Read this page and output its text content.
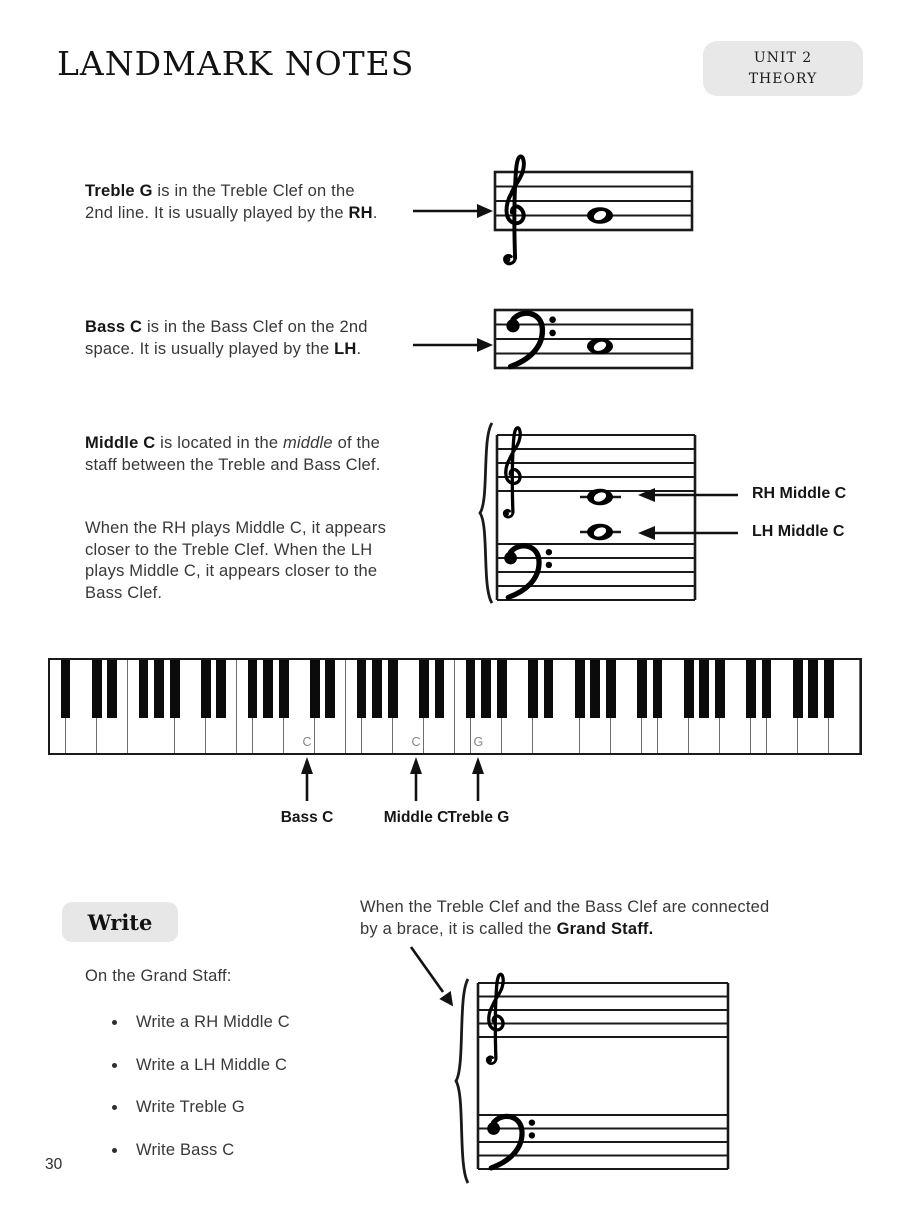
LANDMARK NOTES	UNIT 2
THEORY
Treble G is in the Treble Clef on the
2nd line. It is usually played by the RH.
Bass C is in the Bass Clef on the 2nd
space. It is usually played by the LH.
Middle C is located in the middle of the
staff between the Treble and Bass Clef.
When the RH plays Middle C, it appears
closer to the Treble Clef. When the LH
plays Middle C, it appears closer to the
Bass Clef.
RH Middle C
LH Middle C
C	C	G
Bass C	Middle C Treble G
Write
When the Treble Clef and the Bass Clef are connected
by a brace, it is called the Grand Staff.
On the Grand Staff:
Write a RH Middle C
Write a LH Middle C
Write Treble G
Write Bass C
30
